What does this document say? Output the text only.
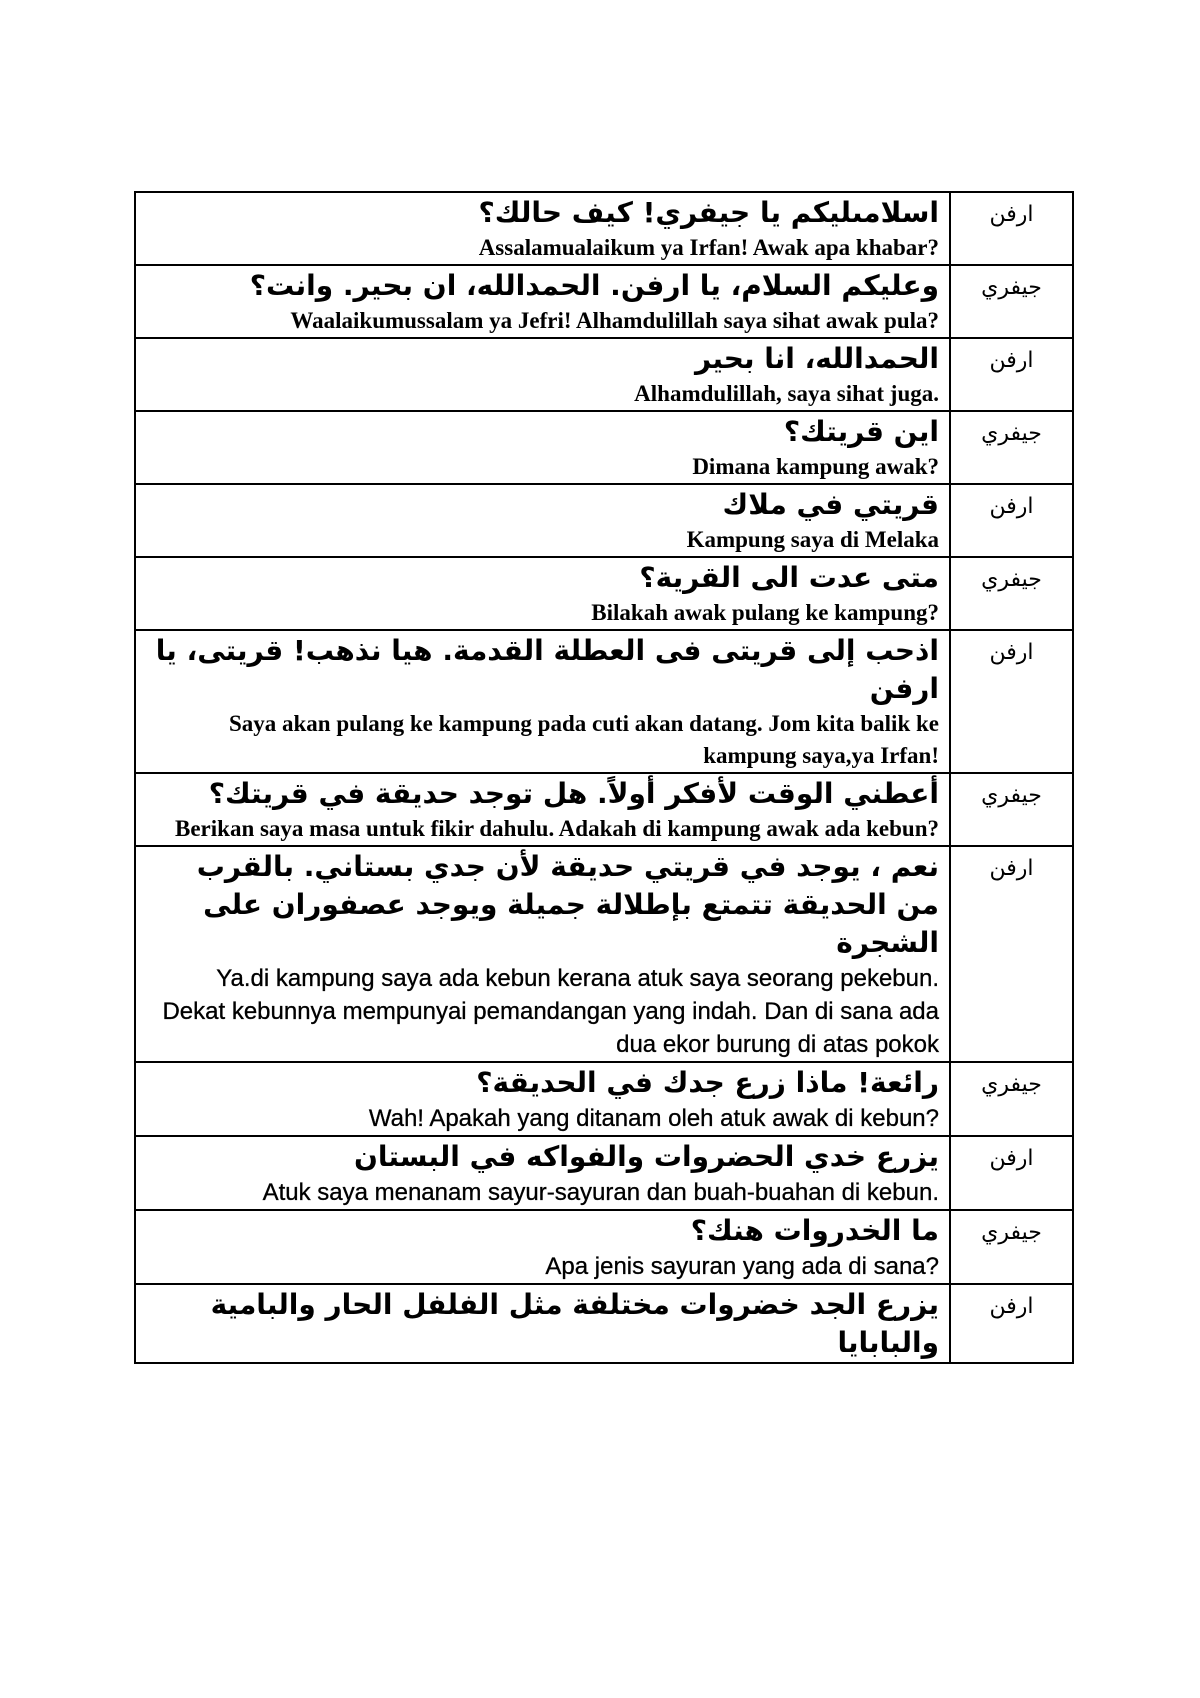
اسلامىليكم يا جيفري! كيف حالك؟
Assalamualaikum ya Irfan! Awak apa khabar?	ارفن

وعليكم السلام، يا ارفن. الحمدالله، ان بحير. وانت؟
Waalaikumussalam ya Jefri! Alhamdulillah saya sihat awak pula?	جيفري

الحمدالله، انا بحير
Alhamdulillah, saya sihat juga.	ارفن

اين قريتك؟
Dimana kampung awak?	جيفري

قريتي في ملاك
Kampung saya di Melaka	ارفن

متى عدت الى القرية؟
Bilakah awak pulang ke kampung?	جيفري

اذحب إلى قريتى فى العطلة القدمة. هيا نذهب! قريتى، يا ارفن
Saya akan pulang ke kampung pada cuti akan datang. Jom kita balik ke kampung saya,ya Irfan!	ارفن

أعطني الوقت لأفكر أولاً. هل توجد حديقة في قريتك؟
Berikan saya masa untuk fikir dahulu. Adakah di kampung awak ada kebun?	جيفري

نعم ، يوجد في قريتي حديقة لأن جدي بستاني. بالقرب من الحديقة تتمتع بإطلالة جميلة ويوجد عصفوران على الشجرة
Ya.di kampung saya ada kebun kerana atuk saya seorang pekebun. Dekat kebunnya mempunyai pemandangan yang indah. Dan di sana ada dua ekor burung di atas pokok	ارفن

رائعة! ماذا زرع جدك في الحديقة؟
Wah! Apakah yang ditanam oleh atuk awak di kebun?	جيفري

يزرع خدي الحضروات والفواكه في البستان
Atuk saya menanam sayur-sayuran dan buah-buahan di kebun.	ارفن

ما الخدروات هنك؟
Apa jenis sayuran yang ada di sana?	جيفري

يزرع الجد خضروات مختلفة مثل الفلفل الحار والبامية والبابايا	ارفن
